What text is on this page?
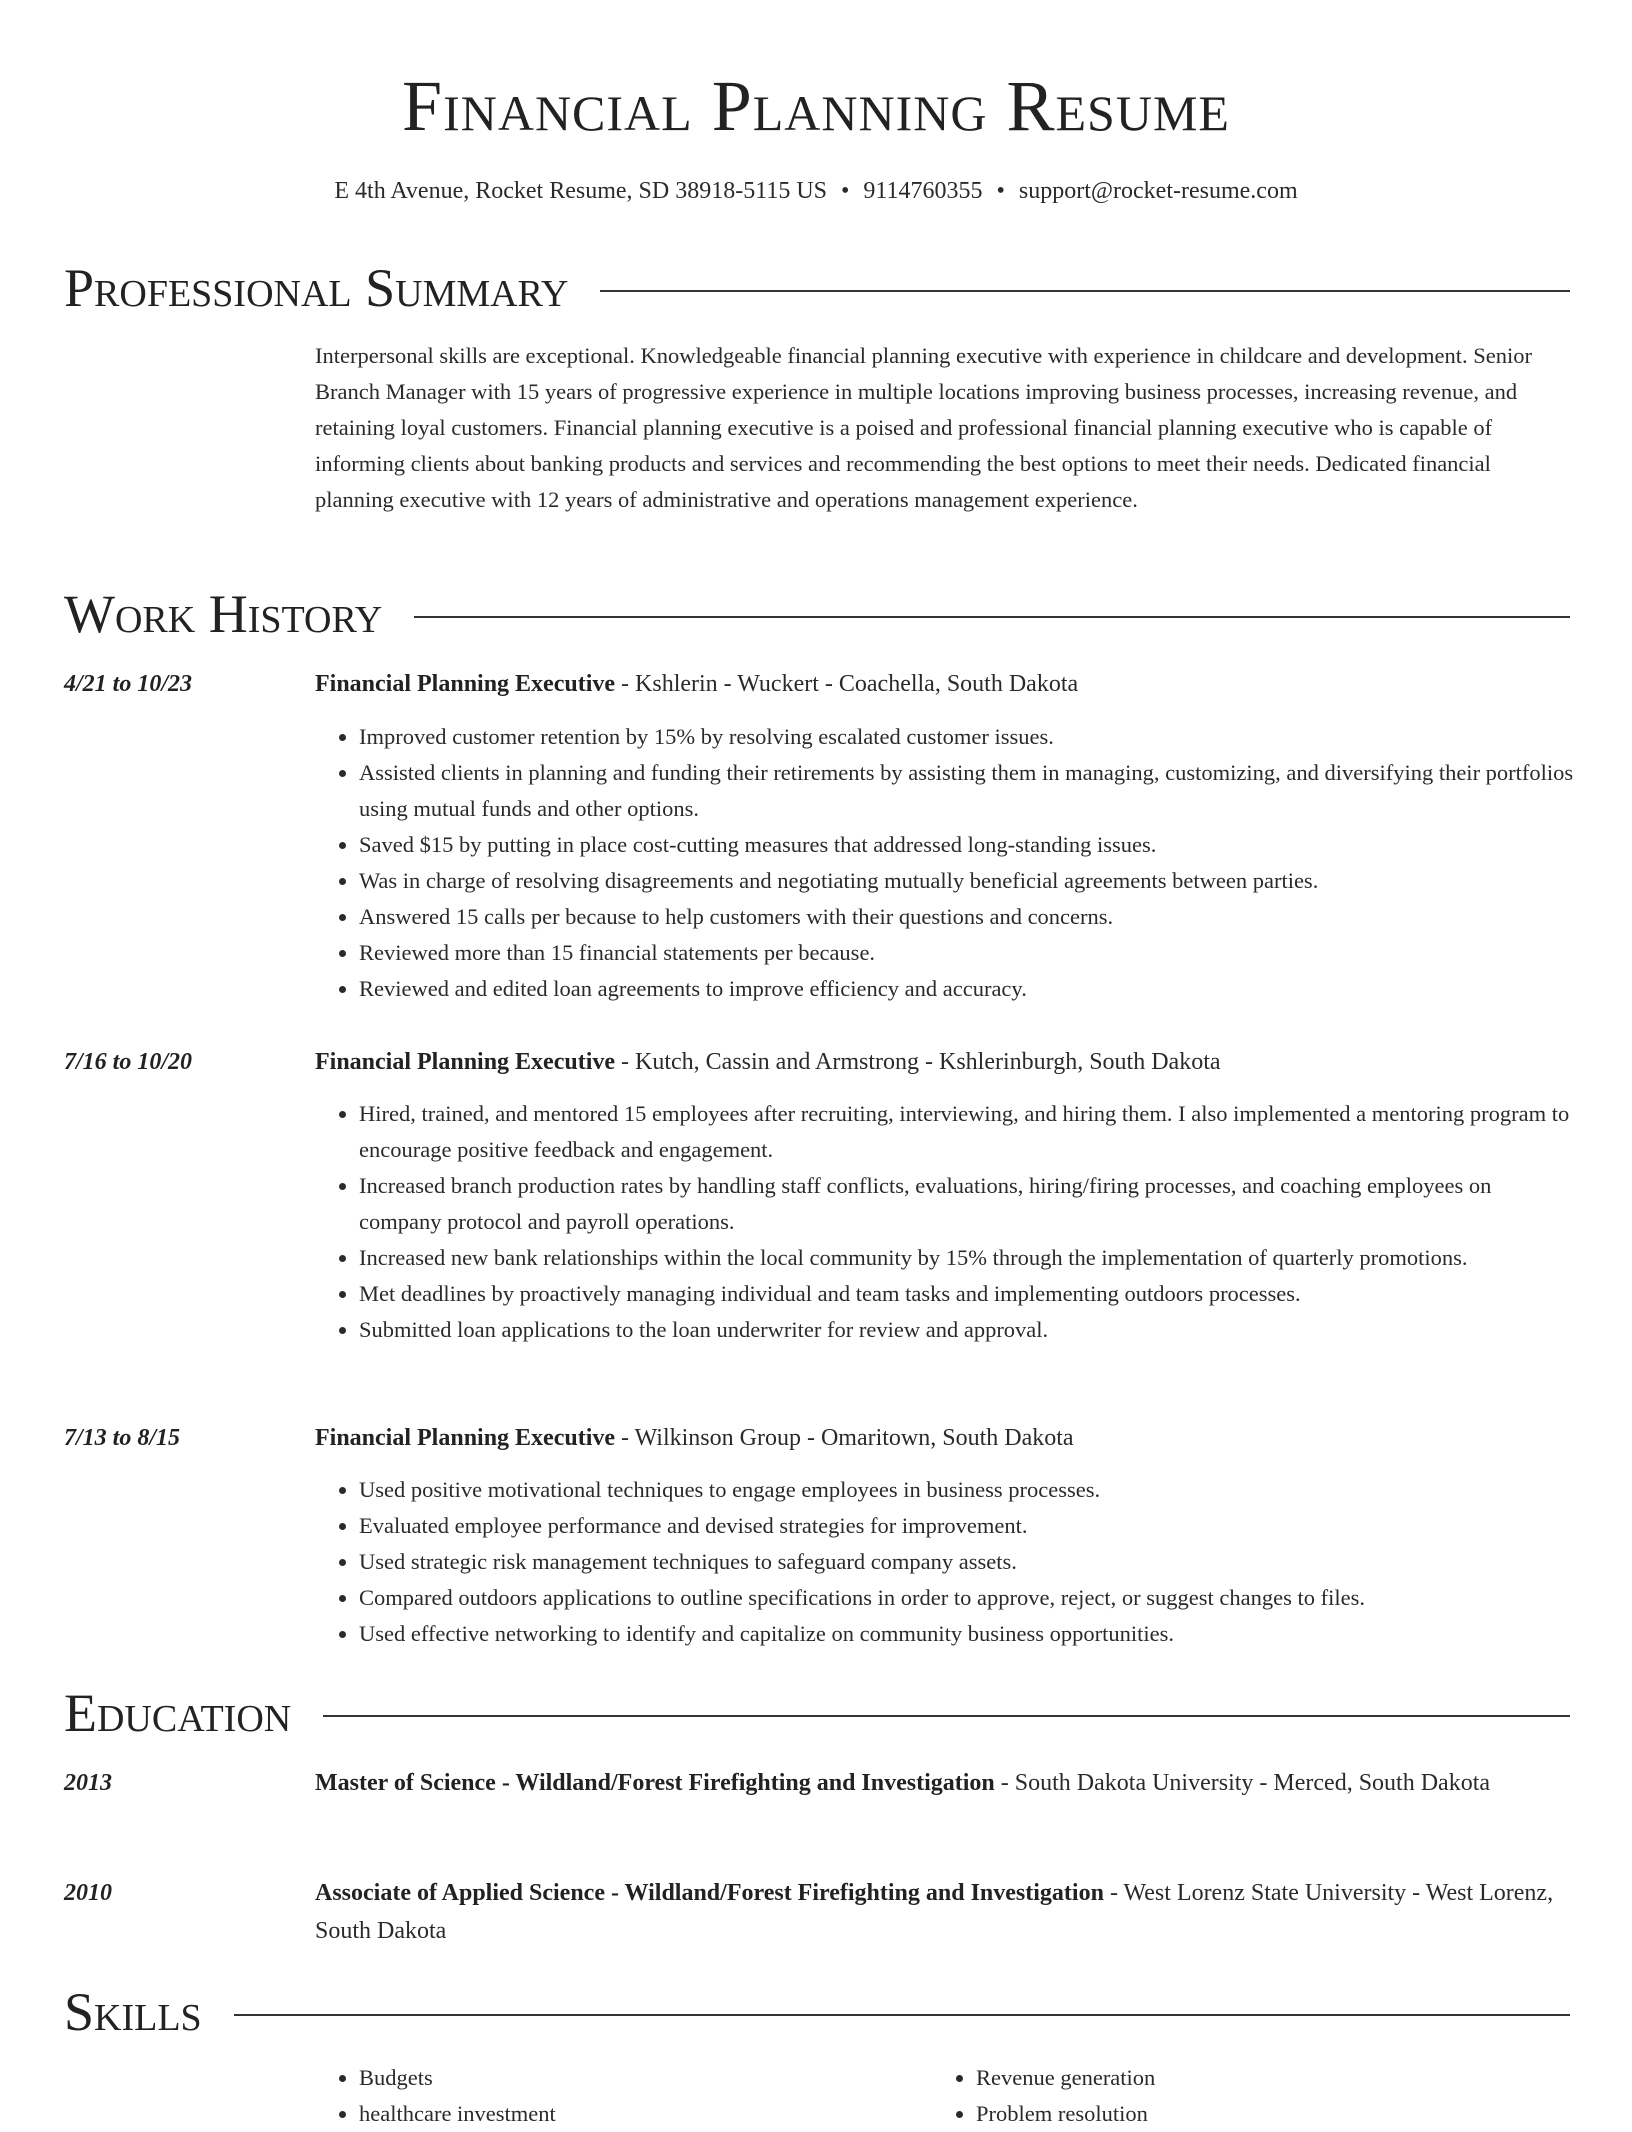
Financial Planning Resume
E 4th Avenue, Rocket Resume, SD 38918-5115 US • 9114760355 • support@rocket-resume.com
Professional Summary
Interpersonal skills are exceptional. Knowledgeable financial planning executive with experience in childcare and development. Senior Branch Manager with 15 years of progressive experience in multiple locations improving business processes, increasing revenue, and retaining loyal customers. Financial planning executive is a poised and professional financial planning executive who is capable of informing clients about banking products and services and recommending the best options to meet their needs. Dedicated financial planning executive with 12 years of administrative and operations management experience.
Work History
4/21 to 10/23	Financial Planning Executive - Kshlerin - Wuckert - Coachella, South Dakota
• Improved customer retention by 15% by resolving escalated customer issues.
• Assisted clients in planning and funding their retirements by assisting them in managing, customizing, and diversifying their portfolios using mutual funds and other options.
• Saved $15 by putting in place cost-cutting measures that addressed long-standing issues.
• Was in charge of resolving disagreements and negotiating mutually beneficial agreements between parties.
• Answered 15 calls per because to help customers with their questions and concerns.
• Reviewed more than 15 financial statements per because.
• Reviewed and edited loan agreements to improve efficiency and accuracy.
7/16 to 10/20	Financial Planning Executive - Kutch, Cassin and Armstrong - Kshlerinburgh, South Dakota
• Hired, trained, and mentored 15 employees after recruiting, interviewing, and hiring them. I also implemented a mentoring program to encourage positive feedback and engagement.
• Increased branch production rates by handling staff conflicts, evaluations, hiring/firing processes, and coaching employees on company protocol and payroll operations.
• Increased new bank relationships within the local community by 15% through the implementation of quarterly promotions.
• Met deadlines by proactively managing individual and team tasks and implementing outdoors processes.
• Submitted loan applications to the loan underwriter for review and approval.
7/13 to 8/15	Financial Planning Executive - Wilkinson Group - Omaritown, South Dakota
• Used positive motivational techniques to engage employees in business processes.
• Evaluated employee performance and devised strategies for improvement.
• Used strategic risk management techniques to safeguard company assets.
• Compared outdoors applications to outline specifications in order to approve, reject, or suggest changes to files.
• Used effective networking to identify and capitalize on community business opportunities.
Education
2013	Master of Science - Wildland/Forest Firefighting and Investigation - South Dakota University - Merced, South Dakota
2010	Associate of Applied Science - Wildland/Forest Firefighting and Investigation - West Lorenz State University - West Lorenz, South Dakota
Skills
• Budgets
• healthcare investment
• Revenue generation
• Problem resolution
